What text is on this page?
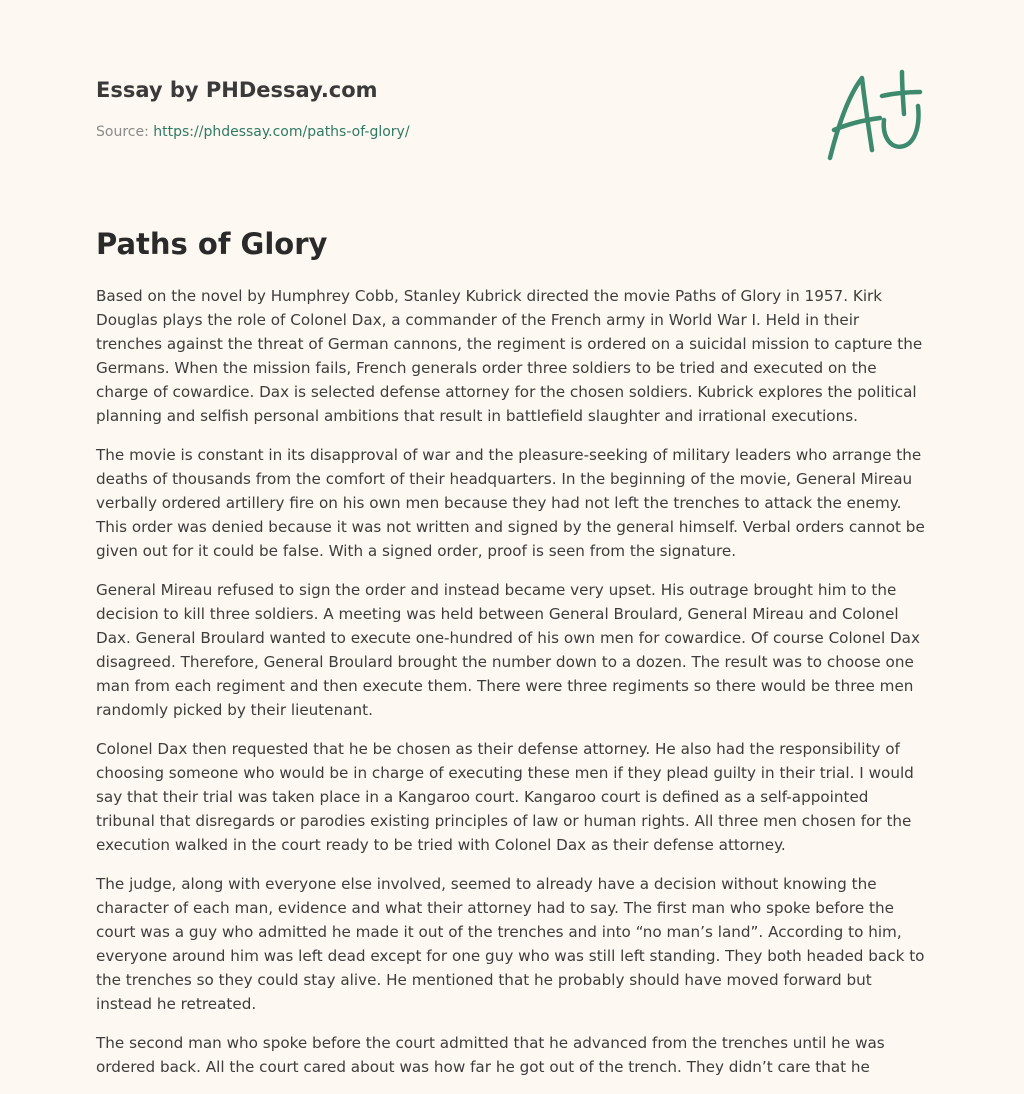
Essay by PHDessay.com
Source: https://phdessay.com/paths-of-glory/
Paths of Glory

Based on the novel by Humphrey Cobb, Stanley Kubrick directed the movie Paths of Glory in 1957. Kirk Douglas plays the role of Colonel Dax, a commander of the French army in World War I. Held in their trenches against the threat of German cannons, the regiment is ordered on a suicidal mission to capture the Germans. When the mission fails, French generals order three soldiers to be tried and executed on the charge of cowardice. Dax is selected defense attorney for the chosen soldiers. Kubrick explores the political planning and selfish personal ambitions that result in battlefield slaughter and irrational executions.

The movie is constant in its disapproval of war and the pleasure-seeking of military leaders who arrange the deaths of thousands from the comfort of their headquarters. In the beginning of the movie, General Mireau verbally ordered artillery fire on his own men because they had not left the trenches to attack the enemy. This order was denied because it was not written and signed by the general himself. Verbal orders cannot be given out for it could be false. With a signed order, proof is seen from the signature.

General Mireau refused to sign the order and instead became very upset. His outrage brought him to the decision to kill three soldiers. A meeting was held between General Broulard, General Mireau and Colonel Dax. General Broulard wanted to execute one-hundred of his own men for cowardice. Of course Colonel Dax disagreed. Therefore, General Broulard brought the number down to a dozen. The result was to choose one man from each regiment and then execute them. There were three regiments so there would be three men randomly picked by their lieutenant.

Colonel Dax then requested that he be chosen as their defense attorney. He also had the responsibility of choosing someone who would be in charge of executing these men if they plead guilty in their trial. I would say that their trial was taken place in a Kangaroo court. Kangaroo court is defined as a self-appointed tribunal that disregards or parodies existing principles of law or human rights. All three men chosen for the execution walked in the court ready to be tried with Colonel Dax as their defense attorney.

The judge, along with everyone else involved, seemed to already have a decision without knowing the character of each man, evidence and what their attorney had to say. The first man who spoke before the court was a guy who admitted he made it out of the trenches and into “no man’s land”. According to him, everyone around him was left dead except for one guy who was still left standing. They both headed back to the trenches so they could stay alive. He mentioned that he probably should have moved forward but instead he retreated.

The second man who spoke before the court admitted that he advanced from the trenches until he was ordered back. All the court cared about was how far he got out of the trench. They didn’t care that he
